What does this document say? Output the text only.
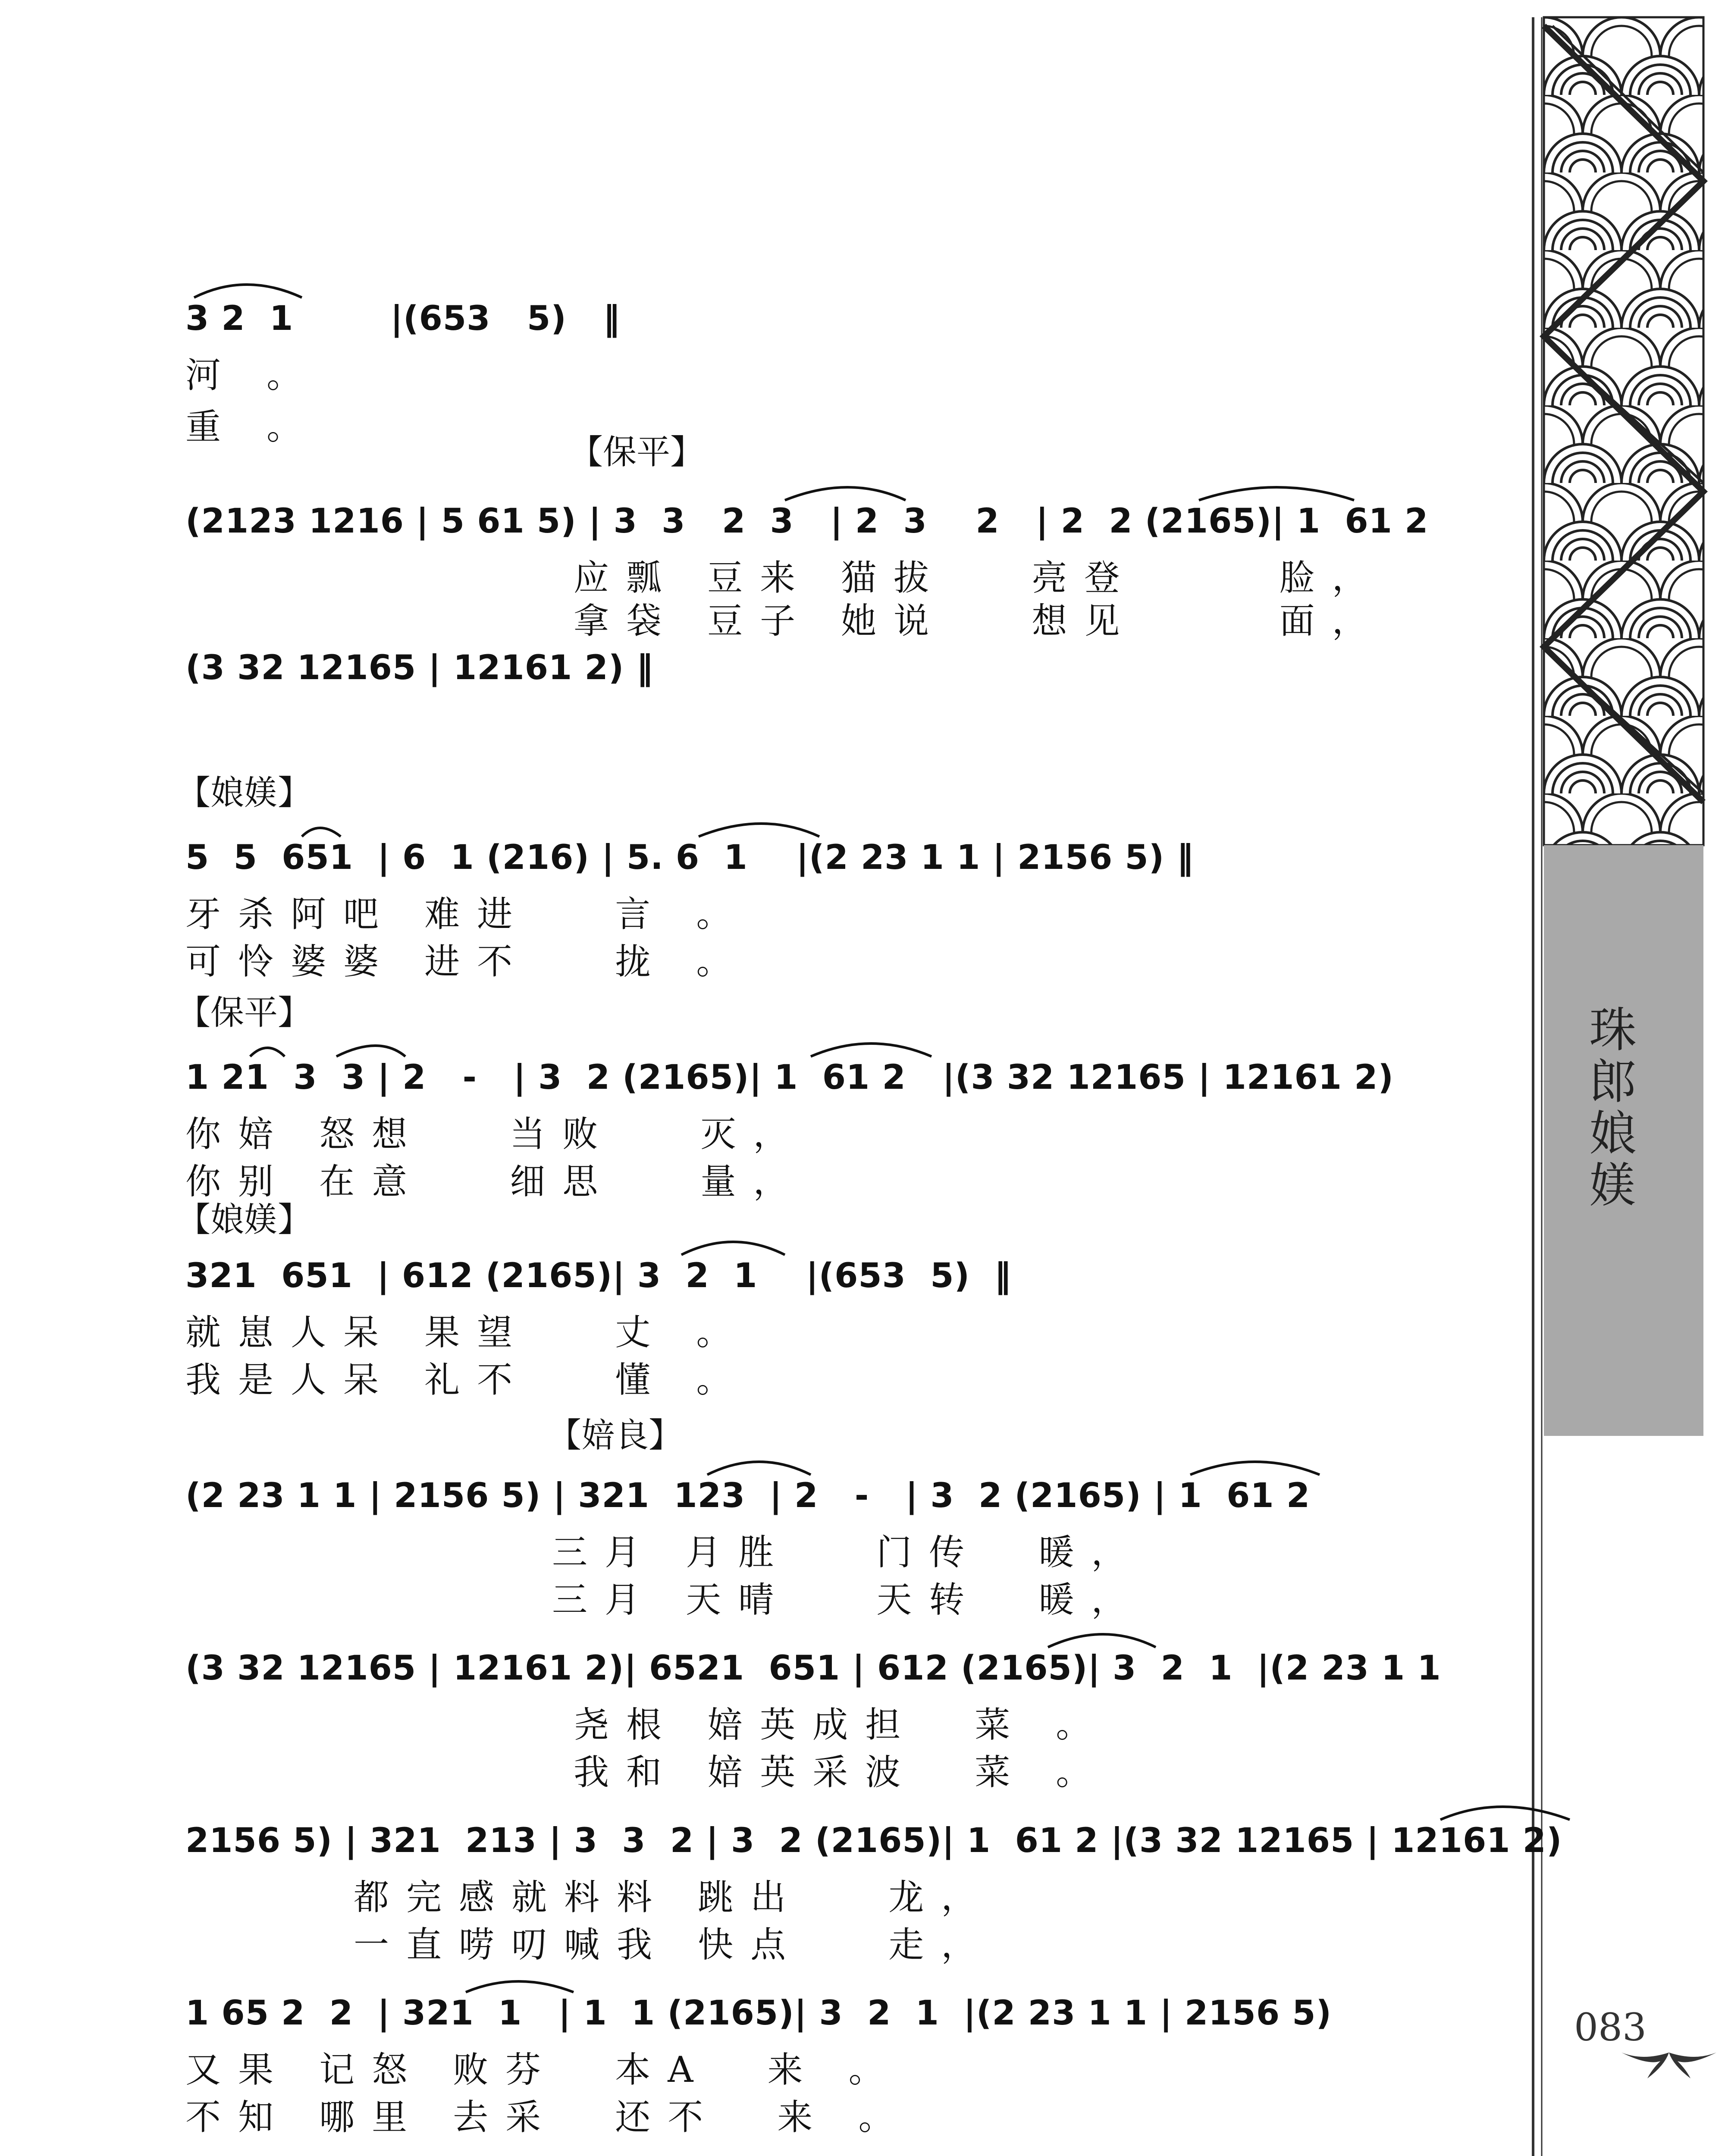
珠郎娘媄
083
3 2  1        |(653   5)   ‖
河 。
重 。
【保平】
(2123 1216 | 5 61 5) | 3  3   2  3   | 2  3    2   | 2  2 (2165)| 1  61 2
应瓢 豆来 猫拔   亮登     脸，
拿袋 豆子 她说   想见     面，
(3 32 12165 | 12161 2) ‖
【娘媄】
5  5  651  | 6  1 (216) | 5. 6  1    |(2 23 1 1 | 2156 5) ‖
牙杀阿吧 难进   言 。
可怜婆婆 进不   拢 。
【保平】
1 21  3  3 | 2   -   | 3  2 (2165)| 1  61 2   |(3 32 12165 | 12161 2)
你婄 怒想   当败   灭，
你别 在意   细思   量，
【娘媄】
321  651  | 612 (2165)| 3  2  1    |(653  5)  ‖
就崽人呆 果望   丈 。
我是人呆 礼不   懂 。
【婄良】
(2 23 1 1 | 2156 5) | 321  123  | 2   -   | 3  2 (2165) | 1  61 2
三月 月胜   门传  暖，
三月 天晴   天转  暖，
(3 32 12165 | 12161 2)| 6521  651 | 612 (2165)| 3  2  1  |(2 23 1 1
尧根 婄英成担  菜 。
我和 婄英采波  菜 。
2156 5) | 321  213 | 3  3  2 | 3  2 (2165)| 1  61 2 |(3 32 12165 | 12161 2)
都完感就料料 跳出   龙，
一直唠叨喊我 快点   走，
1 65 2  2  | 321  1   | 1  1 (2165)| 3  2  1  |(2 23 1 1 | 2156 5)
又果 记怒 败芬  本A  来 。
不知 哪里 去采  还不  来 。
